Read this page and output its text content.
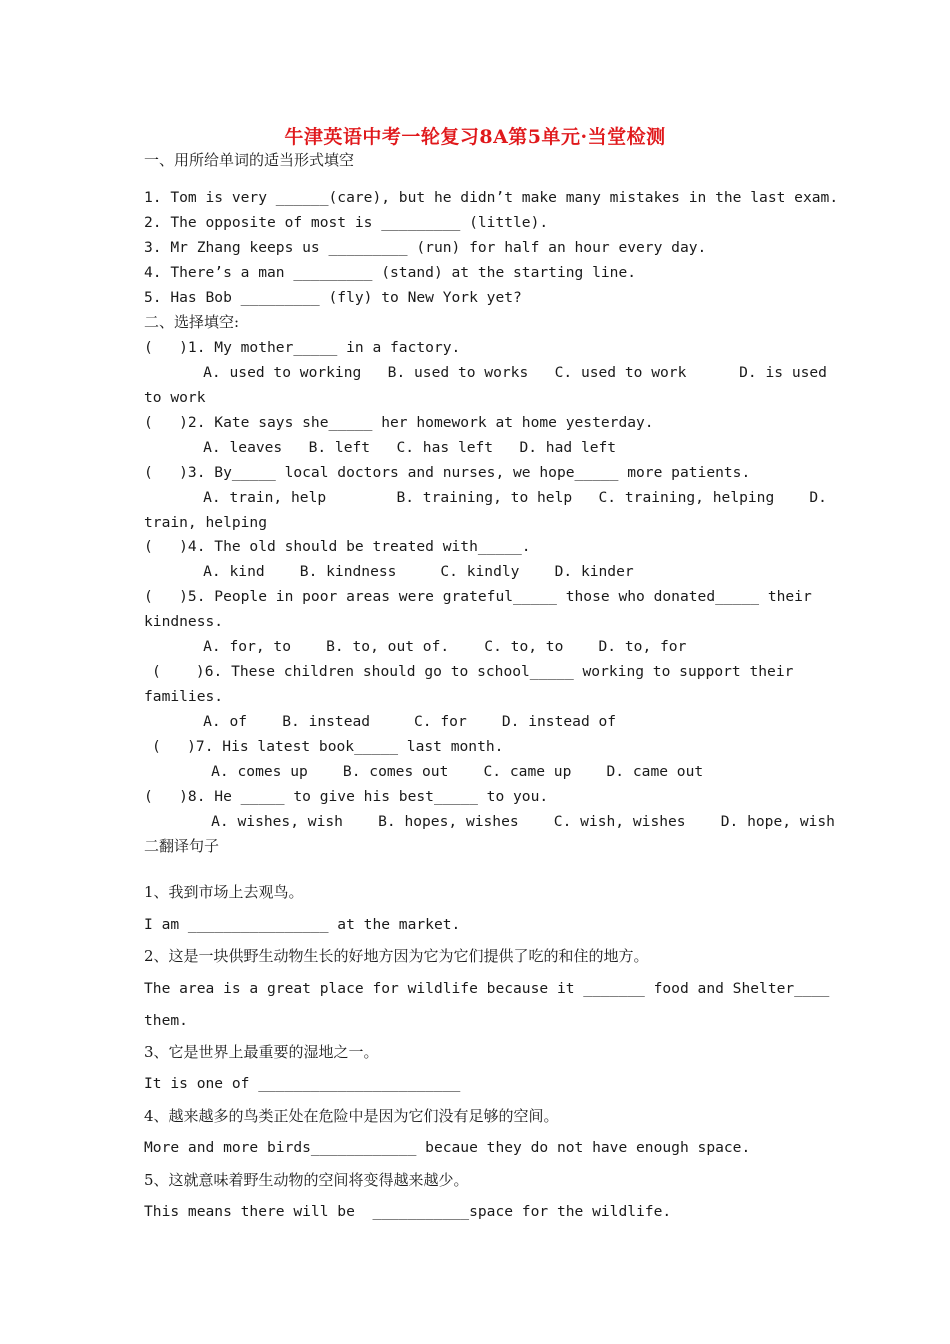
牛津英语中考一轮复习8A第5单元·当堂检测
一、用所给单词的适当形式填空
1. Tom is very ______(care), but he didn’t make many mistakes in the last exam.
2. The opposite of most is _________ (little).
3. Mr Zhang keeps us _________ (run) for half an hour every day.
4. There’s a man _________ (stand) at the starting line.
5. Has Bob _________ (fly) to New York yet?
二、选择填空:
(   )1. My mother_____ in a factory.
A. used to working   B. used to works   C. used to work      D. is used
to work
(   )2. Kate says she_____ her homework at home yesterday.
A. leaves   B. left   C. has left   D. had left
(   )3. By_____ local doctors and nurses, we hope_____ more patients.
A. train, help        B. training, to help   C. training, helping    D.
train, helping
(   )4. The old should be treated with_____.
A. kind    B. kindness     C. kindly    D. kinder
(   )5. People in poor areas were grateful_____ those who donated_____ their
kindness.
A. for, to    B. to, out of.    C. to, to    D. to, for
(    )6. These children should go to school_____ working to support their
families.
A. of    B. instead     C. for    D. instead of
(   )7. His latest book_____ last month.
A. comes up    B. comes out    C. came up    D. came out
(   )8. He _____ to give his best_____ to you.
A. wishes, wish    B. hopes, wishes    C. wish, wishes    D. hope, wish
二翻译句子
1、我到市场上去观鸟。
I am ________________ at the market.
2、这是一块供野生动物生长的好地方因为它为它们提供了吃的和住的地方。
The area is a great place for wildlife because it _______ food and Shelter____
them.
3、它是世界上最重要的湿地之一。
It is one of _______________________
4、越来越多的鸟类正处在危险中是因为它们没有足够的空间。
More and more birds____________ becaue they do not have enough space.
5、这就意味着野生动物的空间将变得越来越少。
This means there will be  ___________space for the wildlife.
